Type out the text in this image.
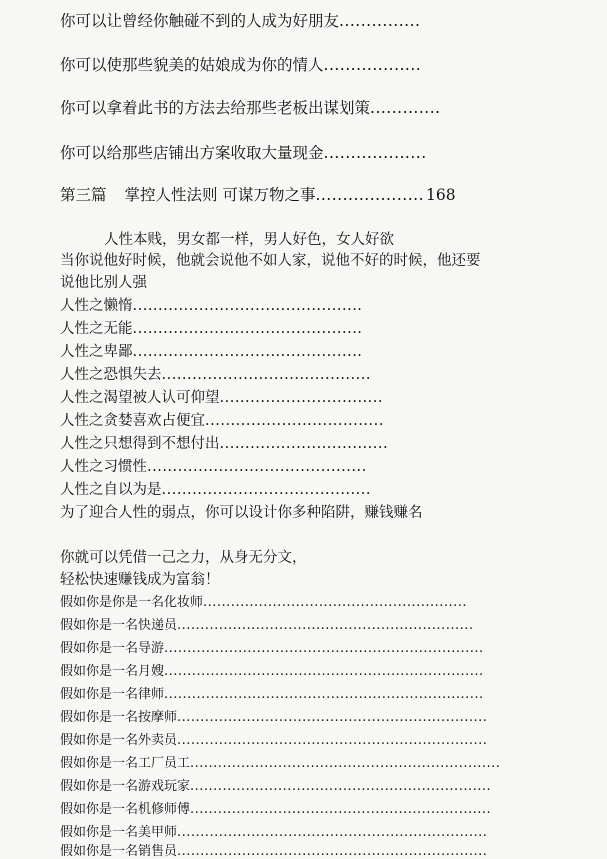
你可以让曾经你触碰不到的人成为好朋友...............
你可以使那些貌美的姑娘成为你的情人..................
你可以拿着此书的方法去给那些老板出谋划策.............
你可以给那些店铺出方案收取大量现金...................
第三篇 掌控人性法则 可谋万物之事.................... 168
人性本贱，男女都一样，男人好色，女人好欲
当你说他好时候，他就会说他不如人家，说他不好的时候，他还要
说他比别人强
人性之懒惰.............................................
人性之无能.............................................
人性之卑鄙.............................................
人性之恐惧失去.........................................
人性之渴望被人认可仰望................................
人性之贪婪喜欢占便宜...................................
人性之只想得到不想付出.................................
人性之习惯性...........................................
人性之自以为是.........................................
为了迎合人性的弱点，你可以设计你多种陷阱，赚钱赚名
你就可以凭借一己之力，从身无分文，
轻松快速赚钱成为富翁！
假如你是你是一名化妆师.........................................................
假如你是一名快递员................................................................
假如你是一名导游.....................................................................
假如你是一名月嫂.....................................................................
假如你是一名律师.....................................................................
假如你是一名按摩师...................................................................
假如你是一名外卖员...................................................................
假如你是一名工厂员工...................................................................
假如你是一名游戏玩家.................................................................
假如你是一名机修师傅.................................................................
假如你是一名美甲师...................................................................
假如你是一名销售员...................................................................
